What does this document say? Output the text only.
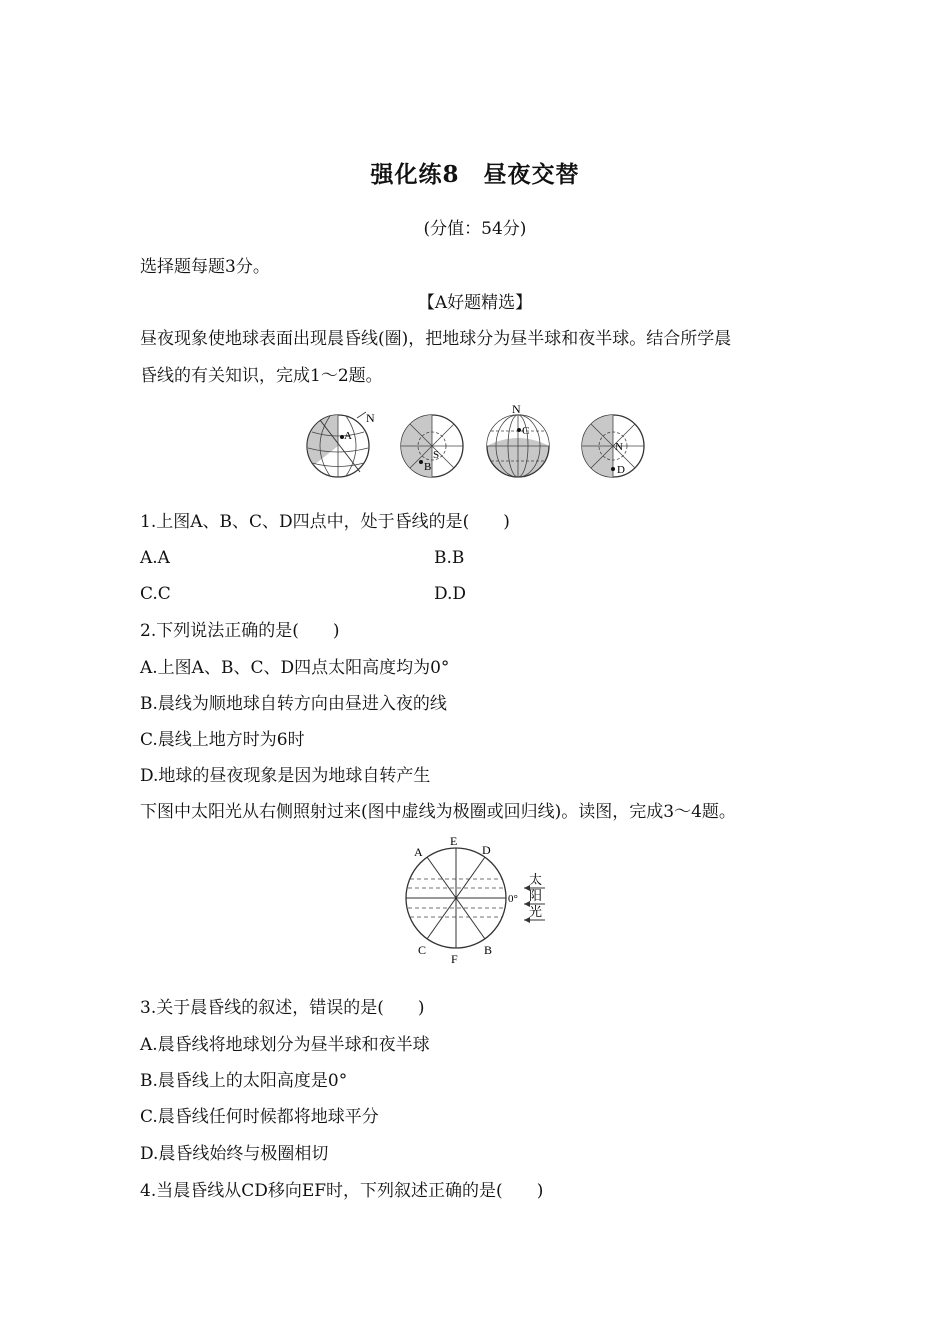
强化练8　昼夜交替
(分值：54分)
选择题每题3分。
【A好题精选】
昼夜现象使地球表面出现晨昏线(圈)，把地球分为昼半球和夜半球。结合所学晨
昏线的有关知识，完成1～2题。
N
A
S
B
N
C
N
D
1.上图A、B、C、D四点中，处于昏线的是(　　)
A.A	B.B
C.C	D.D
2.下列说法正确的是(　　)
A.上图A、B、C、D四点太阳高度均为0°
B.晨线为顺地球自转方向由昼进入夜的线
C.晨线上地方时为6时
D.地球的昼夜现象是因为地球自转产生
下图中太阳光从右侧照射过来(图中虚线为极圈或回归线)。读图，完成3～4题。
A
E
D
C
F
B
0°
太
阳
光
3.关于晨昏线的叙述，错误的是(　　)
A.晨昏线将地球划分为昼半球和夜半球
B.晨昏线上的太阳高度是0°
C.晨昏线任何时候都将地球平分
D.晨昏线始终与极圈相切
4.当晨昏线从CD移向EF时，下列叙述正确的是(　　)
